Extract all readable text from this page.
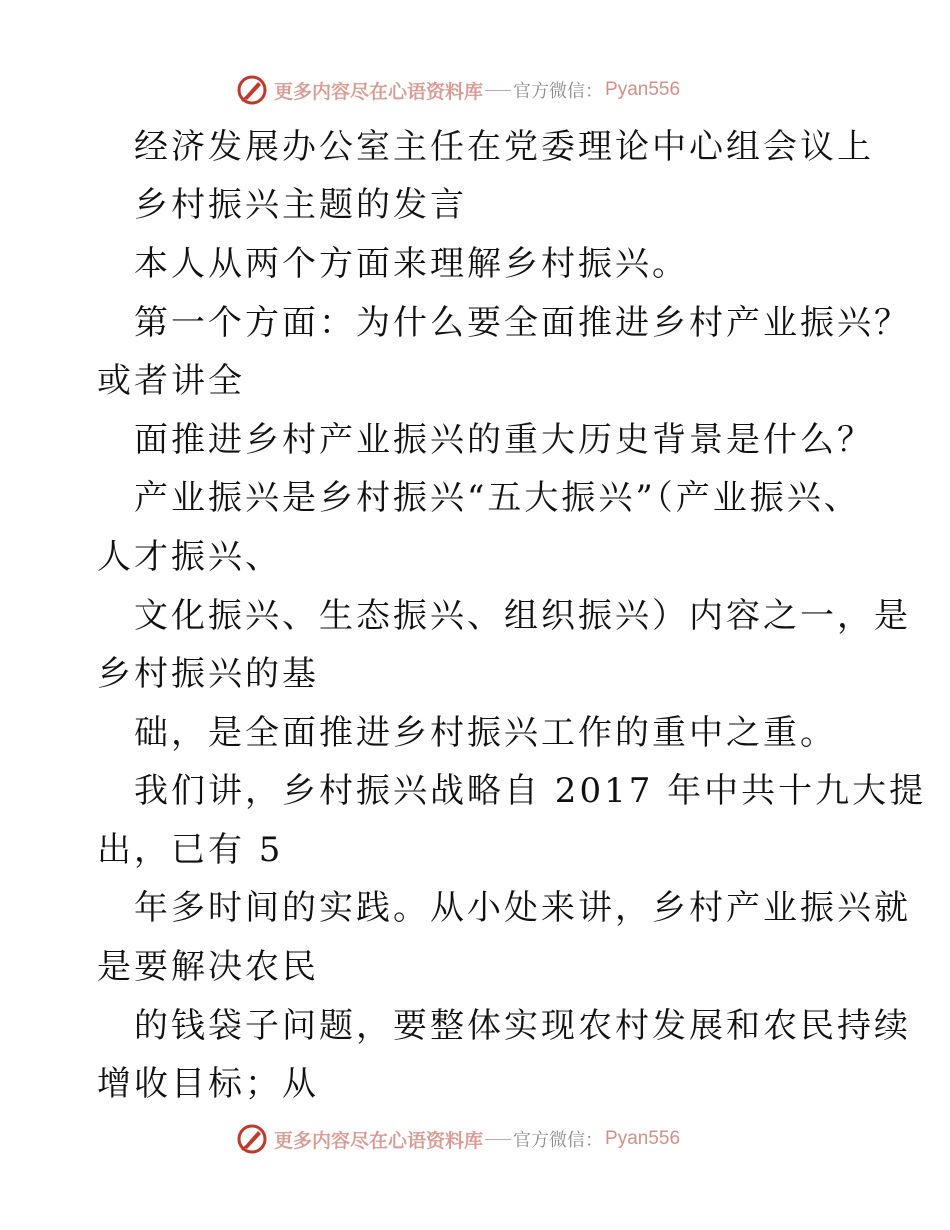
更多内容尽在心语资料库 官方微信： Pyan556
经济发展办公室主任在党委理论中心组会议上
乡村振兴主题的发言
本人从两个方面来理解乡村振兴。
第一个方面：为什么要全面推进乡村产业振兴？
或者讲全
面推进乡村产业振兴的重大历史背景是什么？
产业振兴是乡村振兴“五大振兴”（产业振兴、
人才振兴、
文化振兴、生态振兴、组织振兴）内容之一，是
乡村振兴的基
础，是全面推进乡村振兴工作的重中之重。
我们讲，乡村振兴战略自 2017 年中共十九大提
出，已有 5
年多时间的实践。从小处来讲，乡村产业振兴就
是要解决农民
的钱袋子问题，要整体实现农村发展和农民持续
增收目标；从
更多内容尽在心语资料库 官方微信： Pyan556
